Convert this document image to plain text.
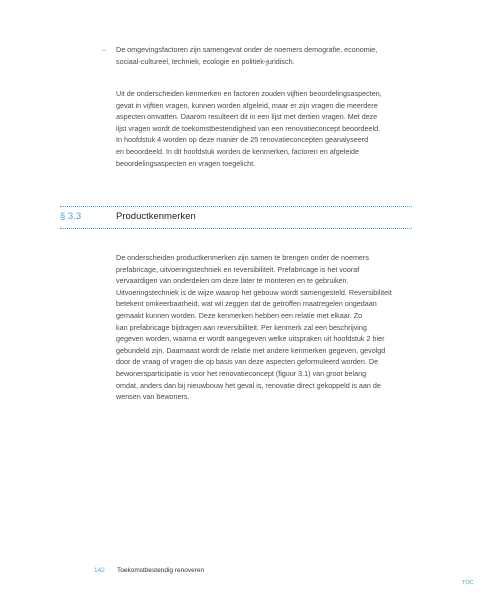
– De omgevingsfactoren zijn samengevat onder de noemers demografie, economie,
sociaal-cultureel, techniek, ecologie en politiek-juridisch.

Uit de onderscheiden kenmerken en factoren zouden vijftien beoordelingsaspecten,
gevat in vijftien vragen, kunnen worden afgeleid, maar er zijn vragen die meerdere
aspecten omvatten. Daarom resulteert dit in een lijst met dertien vragen. Met deze
lijst vragen wordt de toekomstbestendigheid van een renovatieconcept beoordeeld.
In hoofdstuk 4 worden op deze manier de 25 renovatieconcepten geanalyseerd
en beoordeeld. In dit hoofdstuk worden de kenmerken, factoren en afgeleide
beoordelingsaspecten en vragen toegelicht.

§ 3.3	Productkenmerken

De onderscheiden productkenmerken zijn samen te brengen onder de noemers
prefabricage, uitvoeringstechniek en reversibiliteit. Prefabricage is het vooraf
vervaardigen van onderdelen om deze later te monteren en te gebruiken.
Uitvoeringstechniek is de wijze waarop het gebouw wordt samengesteld. Reversibiliteit
betekent omkeerbaarheid, wat wil zeggen dat de getroffen maatregelen ongedaan
gemaakt kunnen worden. Deze kenmerken hebben een relatie met elkaar. Zo
kan prefabricage bijdragen aan reversibiliteit. Per kenmerk zal een beschrijving
gegeven worden, waarna er wordt aangegeven welke uitspraken uit hoofdstuk 2 hier
gebundeld zijn. Daarnaast wordt de relatie met andere kenmerken gegeven, gevolgd
door de vraag of vragen die op basis van deze aspecten geformuleerd worden. De
bewonersparticipatie is voor het renovatieconcept (figuur 3.1) van groot belang
omdat, anders dan bij nieuwbouw het geval is, renovatie direct gekoppeld is aan de
wensen van bewoners.

142 Toekomstbestendig renoveren
TOC
